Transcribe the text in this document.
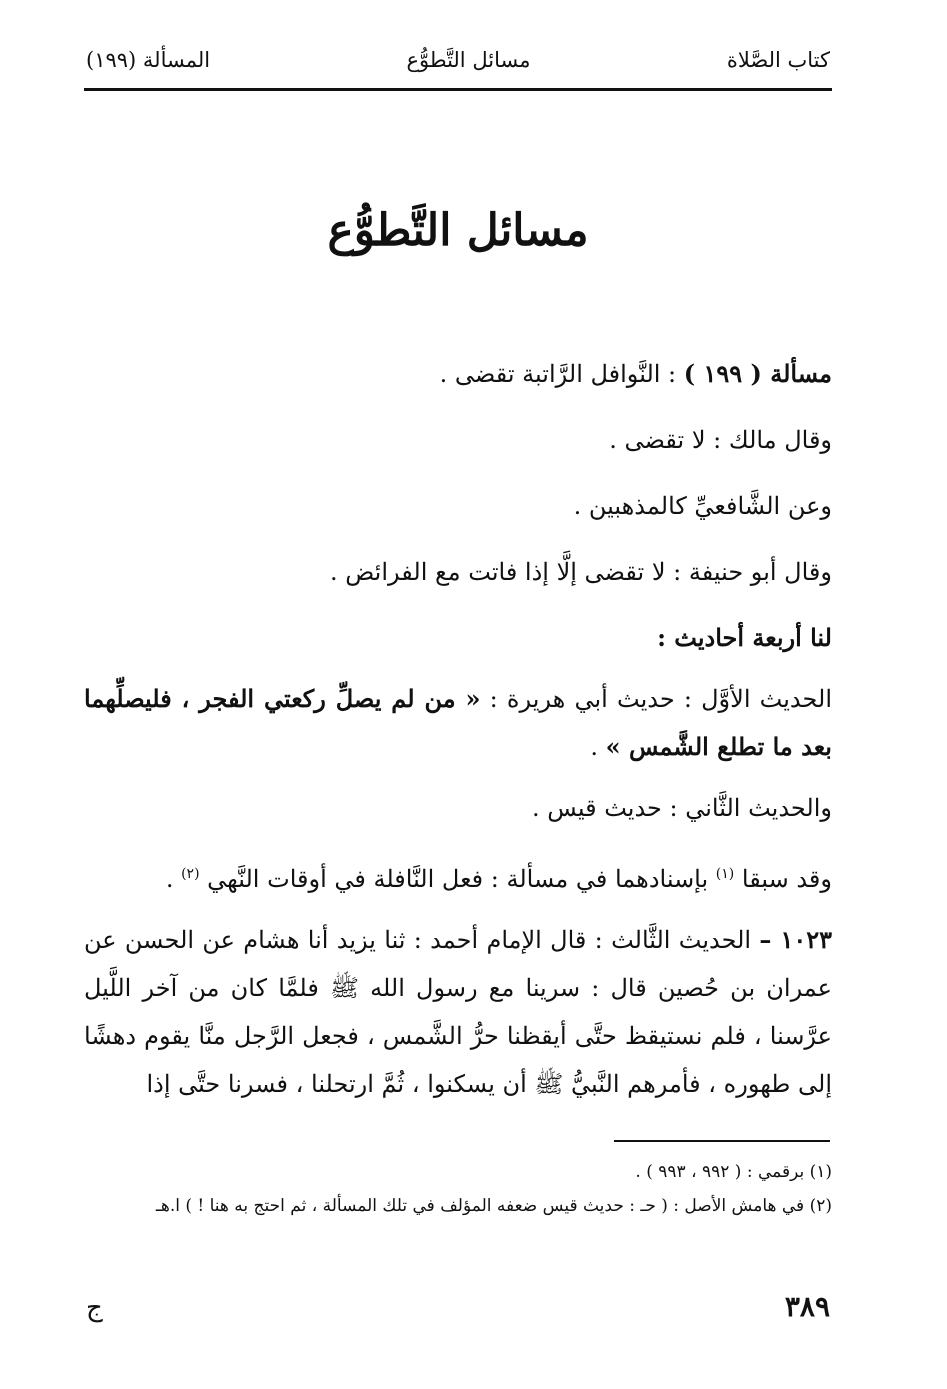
كتاب الصَّلاة
مسائل التَّطوُّع
المسألة (١٩٩)
مسائل التَّطوُّع

مسألة ( ١٩٩ ) : النَّوافل الرَّاتبة تقضى .

وقال مالك : لا تقضى .

وعن الشَّافعيِّ كالمذهبين .

وقال أبو حنيفة : لا تقضى إلَّا إذا فاتت مع الفرائض .

لنا أربعة أحاديث :

الحديث الأوَّل : حديث أبي هريرة : « من لم يصلِّ ركعتي الفجر ، فليصلِّهما بعد ما تطلع الشَّمس » .

والحديث الثَّاني : حديث قيس .

وقد سبقا $^{(١)}$ بإسنادهما في مسألة : فعل النَّافلة في أوقات النَّهي $^{(٢)}$ .

١٠٢٣ – الحديث الثَّالث : قال الإمام أحمد : ثنا يزيد أنا هشام عن الحسن عن عمران بن حُصين قال : سرينا مع رسول الله ﷺ فلمَّا كان من آخر اللَّيل عرَّسنا ، فلم نستيقظ حتَّى أيقظنا حرُّ الشَّمس ، فجعل الرَّجل منَّا يقوم دهشًا إلى طهوره ، فأمرهم النَّبيُّ ﷺ أن يسكنوا ، ثُمَّ ارتحلنا ، فسرنا حتَّى إذا

(١) برقمي : ( ٩٩٢ ، ٩٩٣ ) .

(٢) في هامش الأصل : ( حـ : حديث قيس ضعفه المؤلف في تلك المسألة ، ثم احتج به هنا ! ) ا.هـ

٣٨٩
ج
